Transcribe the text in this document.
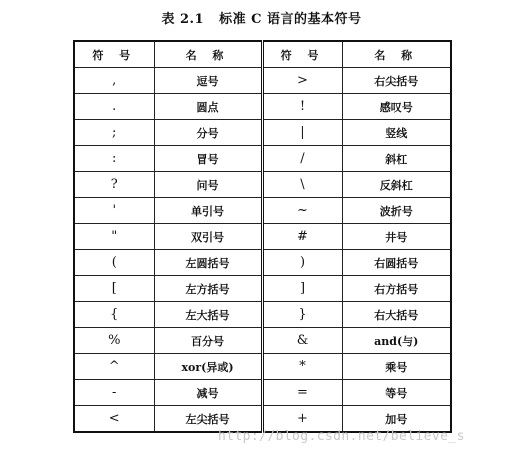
表 2.1   标准 C 语言的基本符号
符 号	名 称	符 号	名 称
,	逗号	>	右尖括号
.	圆点	!	感叹号
;	分号	|	竖线
:	冒号	/	斜杠
?	问号	\	反斜杠
'	单引号	~	波折号
"	双引号	#	井号
(	左圆括号	)	右圆括号
[	左方括号	]	右方括号
{	左大括号	}	右大括号
%	百分号	&	and(与)
^	xor(异或)	*	乘号
-	减号	=	等号
<	左尖括号	+	加号
http://blog.csdn.net/believe_s
